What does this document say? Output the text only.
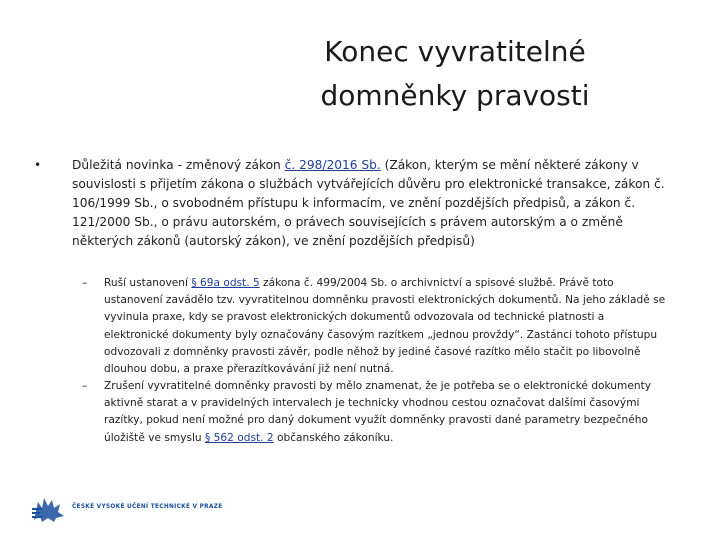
Konec vyvratitelné
domněnky pravosti
•	Důležitá novinka - změnový zákon č. 298/2016 Sb. (Zákon, kterým se mění některé zákony v souvislosti s přijetím zákona o službách vytvářejících důvěru pro elektronické transakce, zákon č. 106/1999 Sb., o svobodném přístupu k informacím, ve znění pozdějších předpisů, a zákon č. 121/2000 Sb., o právu autorském, o právech souvisejících s právem autorským a o změně některých zákonů (autorský zákon), ve znění pozdějších předpisů)
– Ruší ustanovení § 69a odst. 5 zákona č. 499/2004 Sb. o archivnictví a spisové službě. Právě toto ustanovení zavádělo tzv. vyvratitelnou domněnku pravosti elektronických dokumentů. Na jeho základě se vyvinula praxe, kdy se pravost elektronických dokumentů odvozovala od technické platnosti a elektronické dokumenty byly označovány časovým razítkem „jednou provždy“. Zastánci tohoto přístupu odvozovali z domněnky pravosti závěr, podle něhož by jediné časové razítko mělo stačit po libovolně dlouhou dobu, a praxe přerazítkovávání již není nutná.
– Zrušení vyvratitelné domněnky pravosti by mělo znamenat, že je potřeba se o elektronické dokumenty aktivně starat a v pravidelných intervalech je technicky vhodnou cestou označovat dalšími časovými razítky, pokud není možné pro daný dokument využít domněnky pravosti dané parametry bezpečného úložiště ve smyslu § 562 odst. 2 občanského zákoníku.
ČESKÉ VYSOKÉ UČENÍ TECHNICKÉ V PRAZE
